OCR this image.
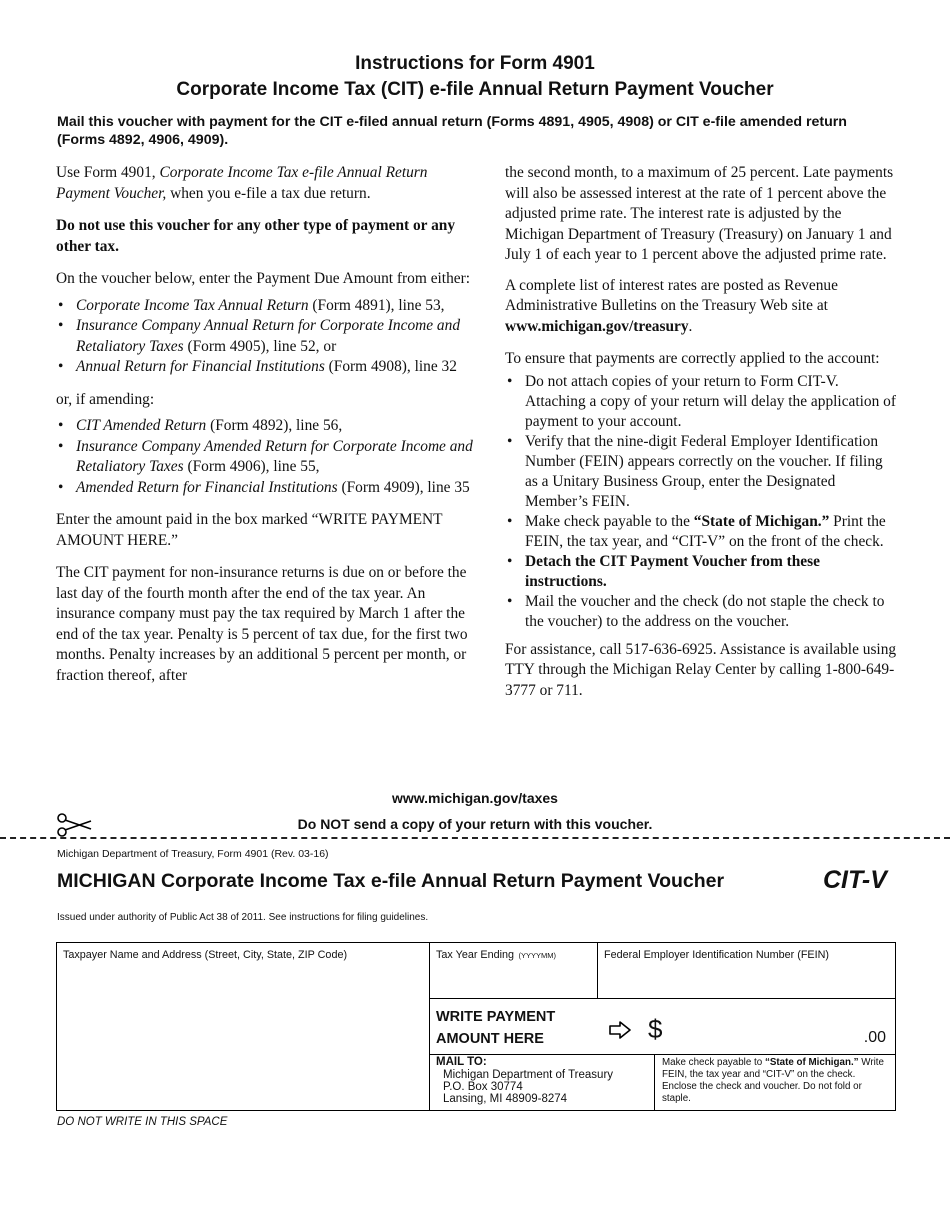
Instructions for Form 4901
Corporate Income Tax (CIT) e-file Annual Return Payment Voucher
Mail this voucher with payment for the CIT e-filed annual return (Forms 4891, 4905, 4908) or CIT e-file amended return (Forms 4892, 4906, 4909).

Use Form 4901, Corporate Income Tax e-file Annual Return Payment Voucher, when you e-file a tax due return.

Do not use this voucher for any other type of payment or any other tax.

On the voucher below, enter the Payment Due Amount from either:

• Corporate Income Tax Annual Return (Form 4891), line 53,
• Insurance Company Annual Return for Corporate Income and Retaliatory Taxes (Form 4905), line 52, or
• Annual Return for Financial Institutions (Form 4908), line 32

or, if amending:

• CIT Amended Return (Form 4892), line 56,
• Insurance Company Amended Return for Corporate Income and Retaliatory Taxes (Form 4906), line 55,
• Amended Return for Financial Institutions (Form 4909), line 35

Enter the amount paid in the box marked “WRITE PAYMENT AMOUNT HERE.”

The CIT payment for non-insurance returns is due on or before the last day of the fourth month after the end of the tax year. An insurance company must pay the tax required by March 1 after the end of the tax year. Penalty is 5 percent of tax due, for the first two months. Penalty increases by an additional 5 percent per month, or fraction thereof, after

the second month, to a maximum of 25 percent. Late payments will also be assessed interest at the rate of 1 percent above the adjusted prime rate. The interest rate is adjusted by the Michigan Department of Treasury (Treasury) on January 1 and July 1 of each year to 1 percent above the adjusted prime rate.

A complete list of interest rates are posted as Revenue Administrative Bulletins on the Treasury Web site at www.michigan.gov/treasury.

To ensure that payments are correctly applied to the account:

• Do not attach copies of your return to Form CIT-V. Attaching a copy of your return will delay the application of payment to your account.
• Verify that the nine-digit Federal Employer Identification Number (FEIN) appears correctly on the voucher. If filing as a Unitary Business Group, enter the Designated Member’s FEIN.
• Make check payable to the “State of Michigan.” Print the FEIN, the tax year, and “CIT-V” on the front of the check.
• Detach the CIT Payment Voucher from these instructions.
• Mail the voucher and the check (do not staple the check to the voucher) to the address on the voucher.

For assistance, call 517-636-6925. Assistance is available using TTY through the Michigan Relay Center by calling 1-800-649-3777 or 711.

www.michigan.gov/taxes
Do NOT send a copy of your return with this voucher.
Michigan Department of Treasury, Form 4901 (Rev. 03-16)
MICHIGAN Corporate Income Tax e-file Annual Return Payment Voucher	CIT-V
Issued under authority of Public Act 38 of 2011. See instructions for filing guidelines.
Taxpayer Name and Address (Street, City, State, ZIP Code)	Tax Year Ending (YYYYMM)	Federal Employer Identification Number (FEIN)
WRITE PAYMENT
AMOUNT HERE	$	.00
MAIL TO:
Michigan Department of Treasury
P.O. Box 30774
Lansing, MI 48909-8274
Make check payable to “State of Michigan.” Write FEIN, the tax year and “CIT-V” on the check. Enclose the check and voucher. Do not fold or staple.
DO NOT WRITE IN THIS SPACE
